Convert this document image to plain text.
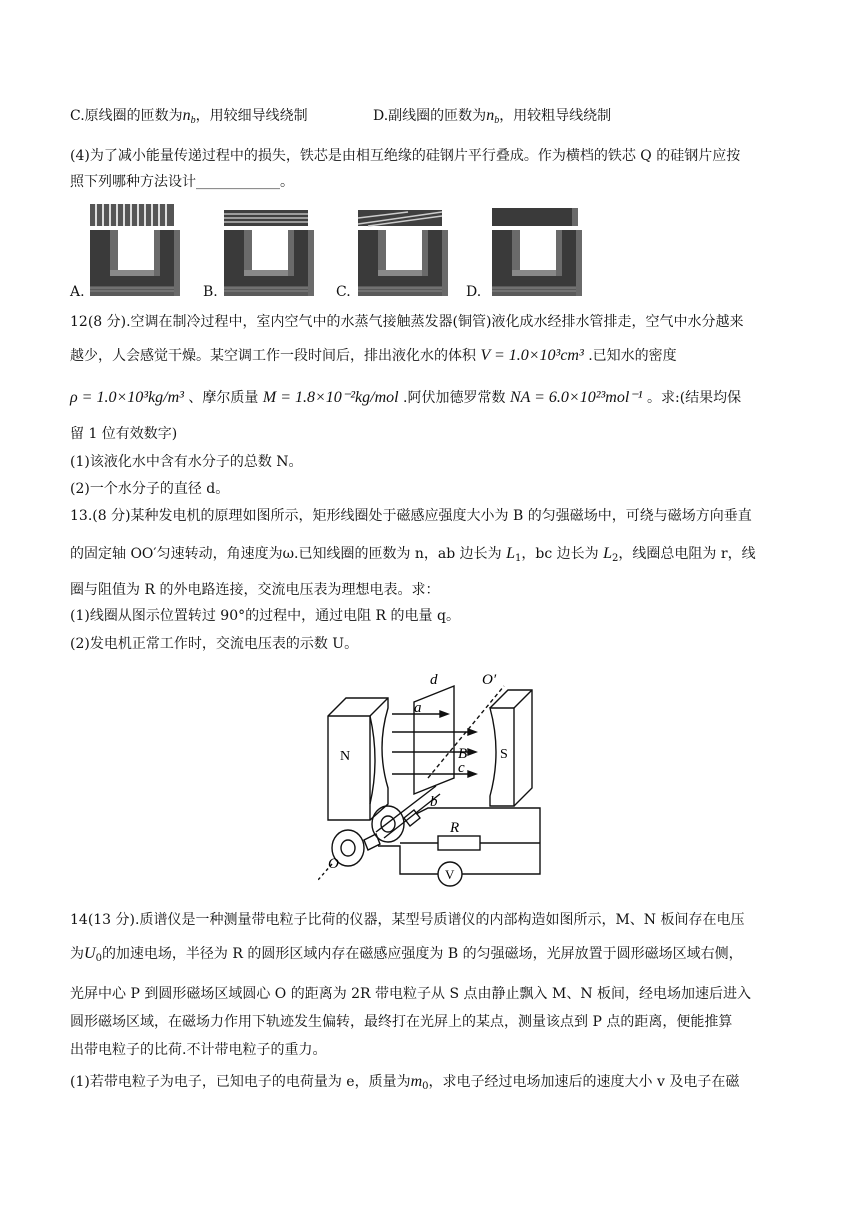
C.原线圈的匝数为$n_b$，用较细导线绕制	D.副线圈的匝数为$n_b$，用较粗导线绕制
(4)为了减小能量传递过程中的损失，铁芯是由相互绝缘的硅钢片平行叠成。作为横档的铁芯 Q 的硅钢片应按
照下列哪种方法设计____________。
A.	B.	C.	D.
12(8 分).空调在制冷过程中，室内空气中的水蒸气接触蒸发器(铜管)液化成水经排水管排走，空气中水分越来
越少，人会感觉干燥。某空调工作一段时间后，排出液化水的体积 V = 1.0×10³cm³ .已知水的密度
ρ = 1.0×10³kg/m³ 、摩尔质量 M = 1.8×10⁻²kg/mol .阿伏加德罗常数 NA = 6.0×10²³mol⁻¹ 。求:(结果均保
留 1 位有效数字)
(1)该液化水中含有水分子的总数 N。
(2)一个水分子的直径 d。
13.(8 分)某种发电机的原理如图所示，矩形线圈处于磁感应强度大小为 B 的匀强磁场中，可绕与磁场方向垂直
的固定轴 OO′匀速转动，角速度为ω.已知线圈的匝数为 n，ab 边长为 $L_1$，bc 边长为 $L_2$，线圈总电阻为 r，线
圈与阻值为 R 的外电路连接，交流电压表为理想电表。求：
(1)线圈从图示位置转过 90°的过程中，通过电阻 R 的电量 q。
(2)发电机正常工作时，交流电压表的示数 U。
N	S
a
d	O′
B
c
b
O
R
V
14(13 分).质谱仪是一种测量带电粒子比荷的仪器，某型号质谱仪的内部构造如图所示，M、N 板间存在电压
为$U_0$的加速电场，半径为 R 的圆形区域内存在磁感应强度为 B 的匀强磁场，光屏放置于圆形磁场区域右侧，
光屏中心 P 到圆形磁场区域圆心 O 的距离为 2R 带电粒子从 S 点由静止飘入 M、N 板间，经电场加速后进入
圆形磁场区域，在磁场力作用下轨迹发生偏转，最终打在光屏上的某点，测量该点到 P 点的距离，便能推算
出带电粒子的比荷.不计带电粒子的重力。
(1)若带电粒子为电子，已知电子的电荷量为 e，质量为$m_0$，求电子经过电场加速后的速度大小 v 及电子在磁
